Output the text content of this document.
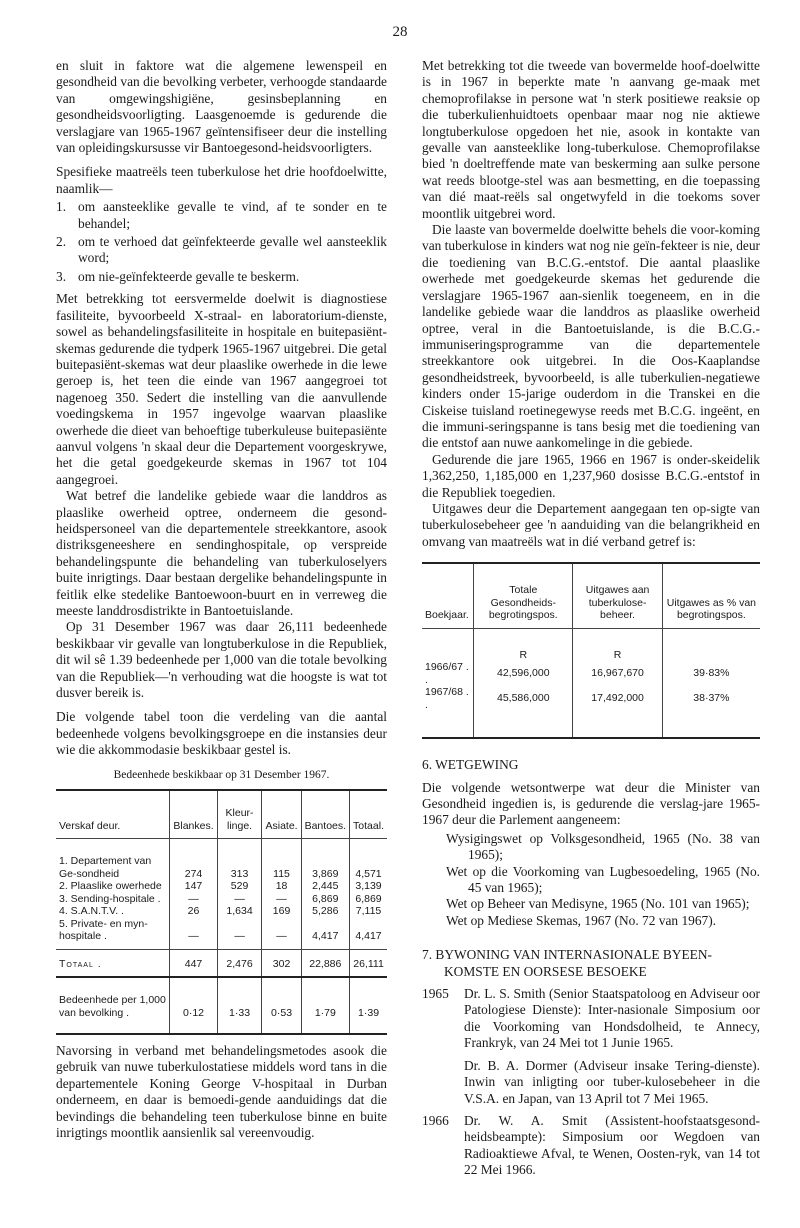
28

en sluit in faktore wat die algemene lewenspeil en gesondheid van die bevolking verbeter, verhoogde standaarde van omgewingshigiëne, gesinsbeplanning en gesondheidsvoorligting. Laasgenoemde is gedurende die verslagjare van 1965-1967 geïntensifiseer deur die instelling van opleidingskursusse vir Bantoegesond-heidsvoorligters.

Spesifieke maatreëls teen tuberkulose het drie hoofdoelwitte, naamlik—

1. om aansteeklike gevalle te vind, af te sonder en te behandel;
2. om te verhoed dat geïnfekteerde gevalle wel aansteeklik word;
3. om nie-geïnfekteerde gevalle te beskerm.

Met betrekking tot eersvermelde doelwit is diagnostiese fasiliteite, byvoorbeeld X-straal- en laboratorium-dienste, sowel as behandelingsfasiliteite in hospitale en buitepasiënt-skemas gedurende die tydperk 1965-1967 uitgebrei. Die getal buitepasiënt-skemas wat deur plaaslike owerhede in die lewe geroep is, het teen die einde van 1967 aangegroei tot nagenoeg 350. Sedert die instelling van die aanvullende voedingskema in 1957 ingevolge waarvan plaaslike owerhede die dieet van behoeftige tuberkuleuse buitepasiënte aanvul volgens 'n skaal deur die Departement voorgeskrywe, het die getal goedgekeurde skemas in 1967 tot 104 aangegroei.

Wat betref die landelike gebiede waar die landdros as plaaslike owerheid optree, onderneem die gesond-heidspersoneel van die departementele streekkantore, asook distriksgeneeshere en sendinghospitale, op verspreide behandelingspunte die behandeling van tuberkuloselyers buite inrigtings. Daar bestaan dergelike behandelingspunte in feitlik elke stedelike Bantoewoon-buurt en in verreweg die meeste landdrosdistrikte in Bantoetuislande.

Op 31 Desember 1967 was daar 26,111 bedeenhede beskikbaar vir gevalle van longtuberkulose in die Republiek, dit wil sê 1.39 bedeenhede per 1,000 van die totale bevolking van die Republiek—'n verhouding wat die hoogste is wat tot dusver bereik is.

Die volgende tabel toon die verdeling van die aantal bedeenhede volgens bevolkingsgroepe en die instansies deur wie die akkommodasie beskikbaar gestel is.

Bedeenhede beskikbaar op 31 Desember 1967.
Verskaf deur.	Blankes.	Kleur-linge.	Asiate.	Bantoes.	Totaal.
1. Departement van Ge-sondheid	274	313	115	3,869	4,571
2. Plaaslike owerhede	147	529	18	2,445	3,139
3. Sending-hospitale .	—	—	—	6,869	6,869
4. S.A.N.T.V. .	26	1,634	169	5,286	7,115
5. Private- en myn-hospitale .	—	—	—	4,417	4,417
Totaal .	447	2,476	302	22,886	26,111
Bedeenhede per 1,000 van bevolking .	0·12	1·33	0·53	1·79	1·39

Navorsing in verband met behandelingsmetodes asook die gebruik van nuwe tuberkulostatiese middels word tans in die departementele Koning George V-hospitaal in Durban onderneem, en daar is bemoedi-gende aanduidings dat die bevindings die behandeling teen tuberkulose binne en buite inrigtings moontlik aansienlik sal vereenvoudig.

Met betrekking tot die tweede van bovermelde hoof-doelwitte is in 1967 in beperkte mate 'n aanvang ge-maak met chemoprofilakse in persone wat 'n sterk positiewe reaksie op die tuberkulienhuidtoets openbaar maar nog nie aktiewe longtuberkulose opgedoen het nie, asook in kontakte van gevalle van aansteeklike long-tuberkulose. Chemoprofilakse bied 'n doeltreffende mate van beskerming aan sulke persone wat reeds blootge-stel was aan besmetting, en die toepassing van dié maat-reëls sal ongetwyfeld in die toekoms sover moontlik uitgebrei word.

Die laaste van bovermelde doelwitte behels die voor-koming van tuberkulose in kinders wat nog nie geïn-fekteer is nie, deur die toediening van B.C.G.-entstof. Die aantal plaaslike owerhede met goedgekeurde skemas het gedurende die verslagjare 1965-1967 aan-sienlik toegeneem, en in die landelike gebiede waar die landdros as plaaslike owerheid optree, veral in die Bantoetuislande, is die B.C.G.-immuniseringsprogramme van die departementele streekkantore ook uitgebrei. In die Oos-Kaaplandse gesondheidstreek, byvoorbeeld, is alle tuberkulien-negatiewe kinders onder 15-jarige ouderdom in die Transkei en die Ciskeise tuisland roetinegewyse reeds met B.C.G. ingeënt, en die immuni-seringspanne is tans besig met die toediening van die entstof aan nuwe aankomelinge in die gebiede.

Gedurende die jare 1965, 1966 en 1967 is onder-skeidelik 1,362,250, 1,185,000 en 1,237,960 dosisse B.C.G.-entstof in die Republiek toegedien.

Uitgawes deur die Departement aangegaan ten op-sigte van tuberkulosebeheer gee 'n aanduiding van die belangrikheid en omvang van maatreëls wat in dié verband getref is:

Boekjaar.	Totale Gesondheids-begrotingspos.	Uitgawes aan tuberkulose-beheer.	Uitgawes as % van begrotingspos.
	R	R	
1966/67 . .	42,596,000	16,967,670	39·83%
1967/68 . .	45,586,000	17,492,000	38·37%
6. WETGEWING

Die volgende wetsontwerpe wat deur die Minister van Gesondheid ingedien is, is gedurende die verslag-jare 1965-1967 deur die Parlement aangeneem:

Wysigingswet op Volksgesondheid, 1965 (No. 38 van 1965);

Wet op die Voorkoming van Lugbesoedeling, 1965 (No. 45 van 1965);

Wet op Beheer van Medisyne, 1965 (No. 101 van 1965);

Wet op Mediese Skemas, 1967 (No. 72 van 1967).

7. BYWONING VAN INTERNASIONALE BYEEN-KOMSTE EN OORSESE BESOEKE
1965	Dr. L. S. Smith (Senior Staatspatoloog en Adviseur oor Patologiese Dienste): Inter-nasionale Simposium oor die Voorkoming van Hondsdolheid, te Annecy, Frankryk, van 24 Mei tot 1 Junie 1965.
Dr. B. A. Dormer (Adviseur insake Tering-dienste). Inwin van inligting oor tuber-kulosebeheer in die V.S.A. en Japan, van 13 April tot 7 Mei 1965.
1966	Dr. W. A. Smit (Assistent-hoofstaatsgesond-heidsbeampte): Simposium oor Wegdoen van Radioaktiewe Afval, te Wenen, Oosten-ryk, van 14 tot 22 Mei 1966.
